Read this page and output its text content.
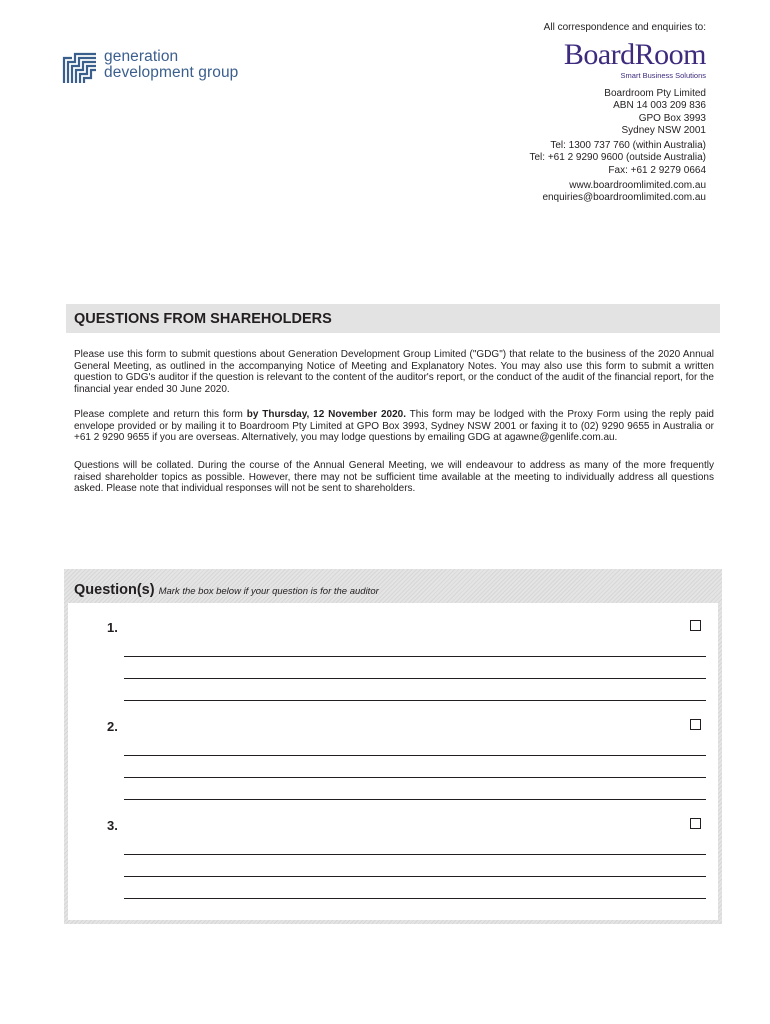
generation
development group
All correspondence and enquiries to:
BoardRoom
Smart Business Solutions
Boardroom Pty Limited
ABN 14 003 209 836
GPO Box 3993
Sydney NSW 2001
Tel: 1300 737 760 (within Australia)
Tel: +61 2 9290 9600 (outside Australia)
Fax: +61 2 9279 0664
www.boardroomlimited.com.au
enquiries@boardroomlimited.com.au
QUESTIONS FROM SHAREHOLDERS
Please use this form to submit questions about Generation Development Group Limited ("GDG") that relate to the business of the 2020 Annual General Meeting, as outlined in the accompanying Notice of Meeting and Explanatory Notes. You may also use this form to submit a written question to GDG's auditor if the question is relevant to the content of the auditor's report, or the conduct of the audit of the financial report, for the financial year ended 30 June 2020.
Please complete and return this form by Thursday, 12 November 2020. This form may be lodged with the Proxy Form using the reply paid envelope provided or by mailing it to Boardroom Pty Limited at GPO Box 3993, Sydney NSW 2001 or faxing it to (02) 9290 9655 in Australia or +61 2 9290 9655 if you are overseas. Alternatively, you may lodge questions by emailing GDG at agawne@genlife.com.au.
Questions will be collated. During the course of the Annual General Meeting, we will endeavour to address as many of the more frequently raised shareholder topics as possible. However, there may not be sufficient time available at the meeting to individually address all questions asked. Please note that individual responses will not be sent to shareholders.
Question(s) Mark the box below if your question is for the auditor
1.
2.
3.
